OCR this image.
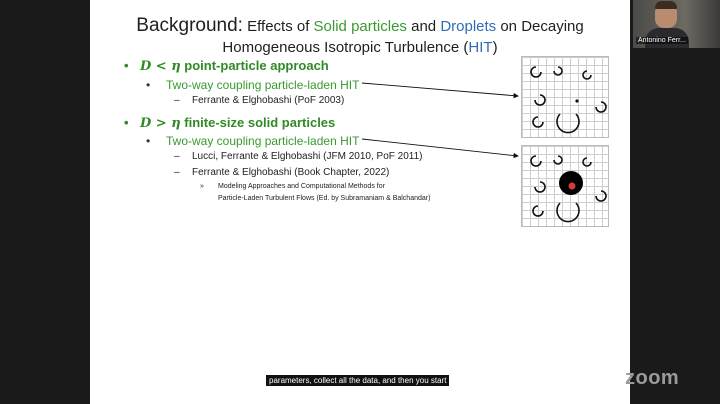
Background: Effects of Solid particles and Droplets on Decaying
Homogeneous Isotropic Turbulence (HIT)
• D < η point-particle approach
• Two-way coupling particle-laden HIT
– Ferrante & Elghobashi (PoF 2003)
• D > η finite-size solid particles
• Two-way coupling particle-laden HIT
– Lucci, Ferrante & Elghobashi (JFM 2010, PoF 2011)
– Ferrante & Elghobashi (Book Chapter, 2022)
» Modeling Approaches and Computational Methods for
Particle-Laden Turbulent Flows (Ed. by Subramaniam & Balchandar)
Antonino Ferr...
parameters, collect all the data, and then you start	zoom
